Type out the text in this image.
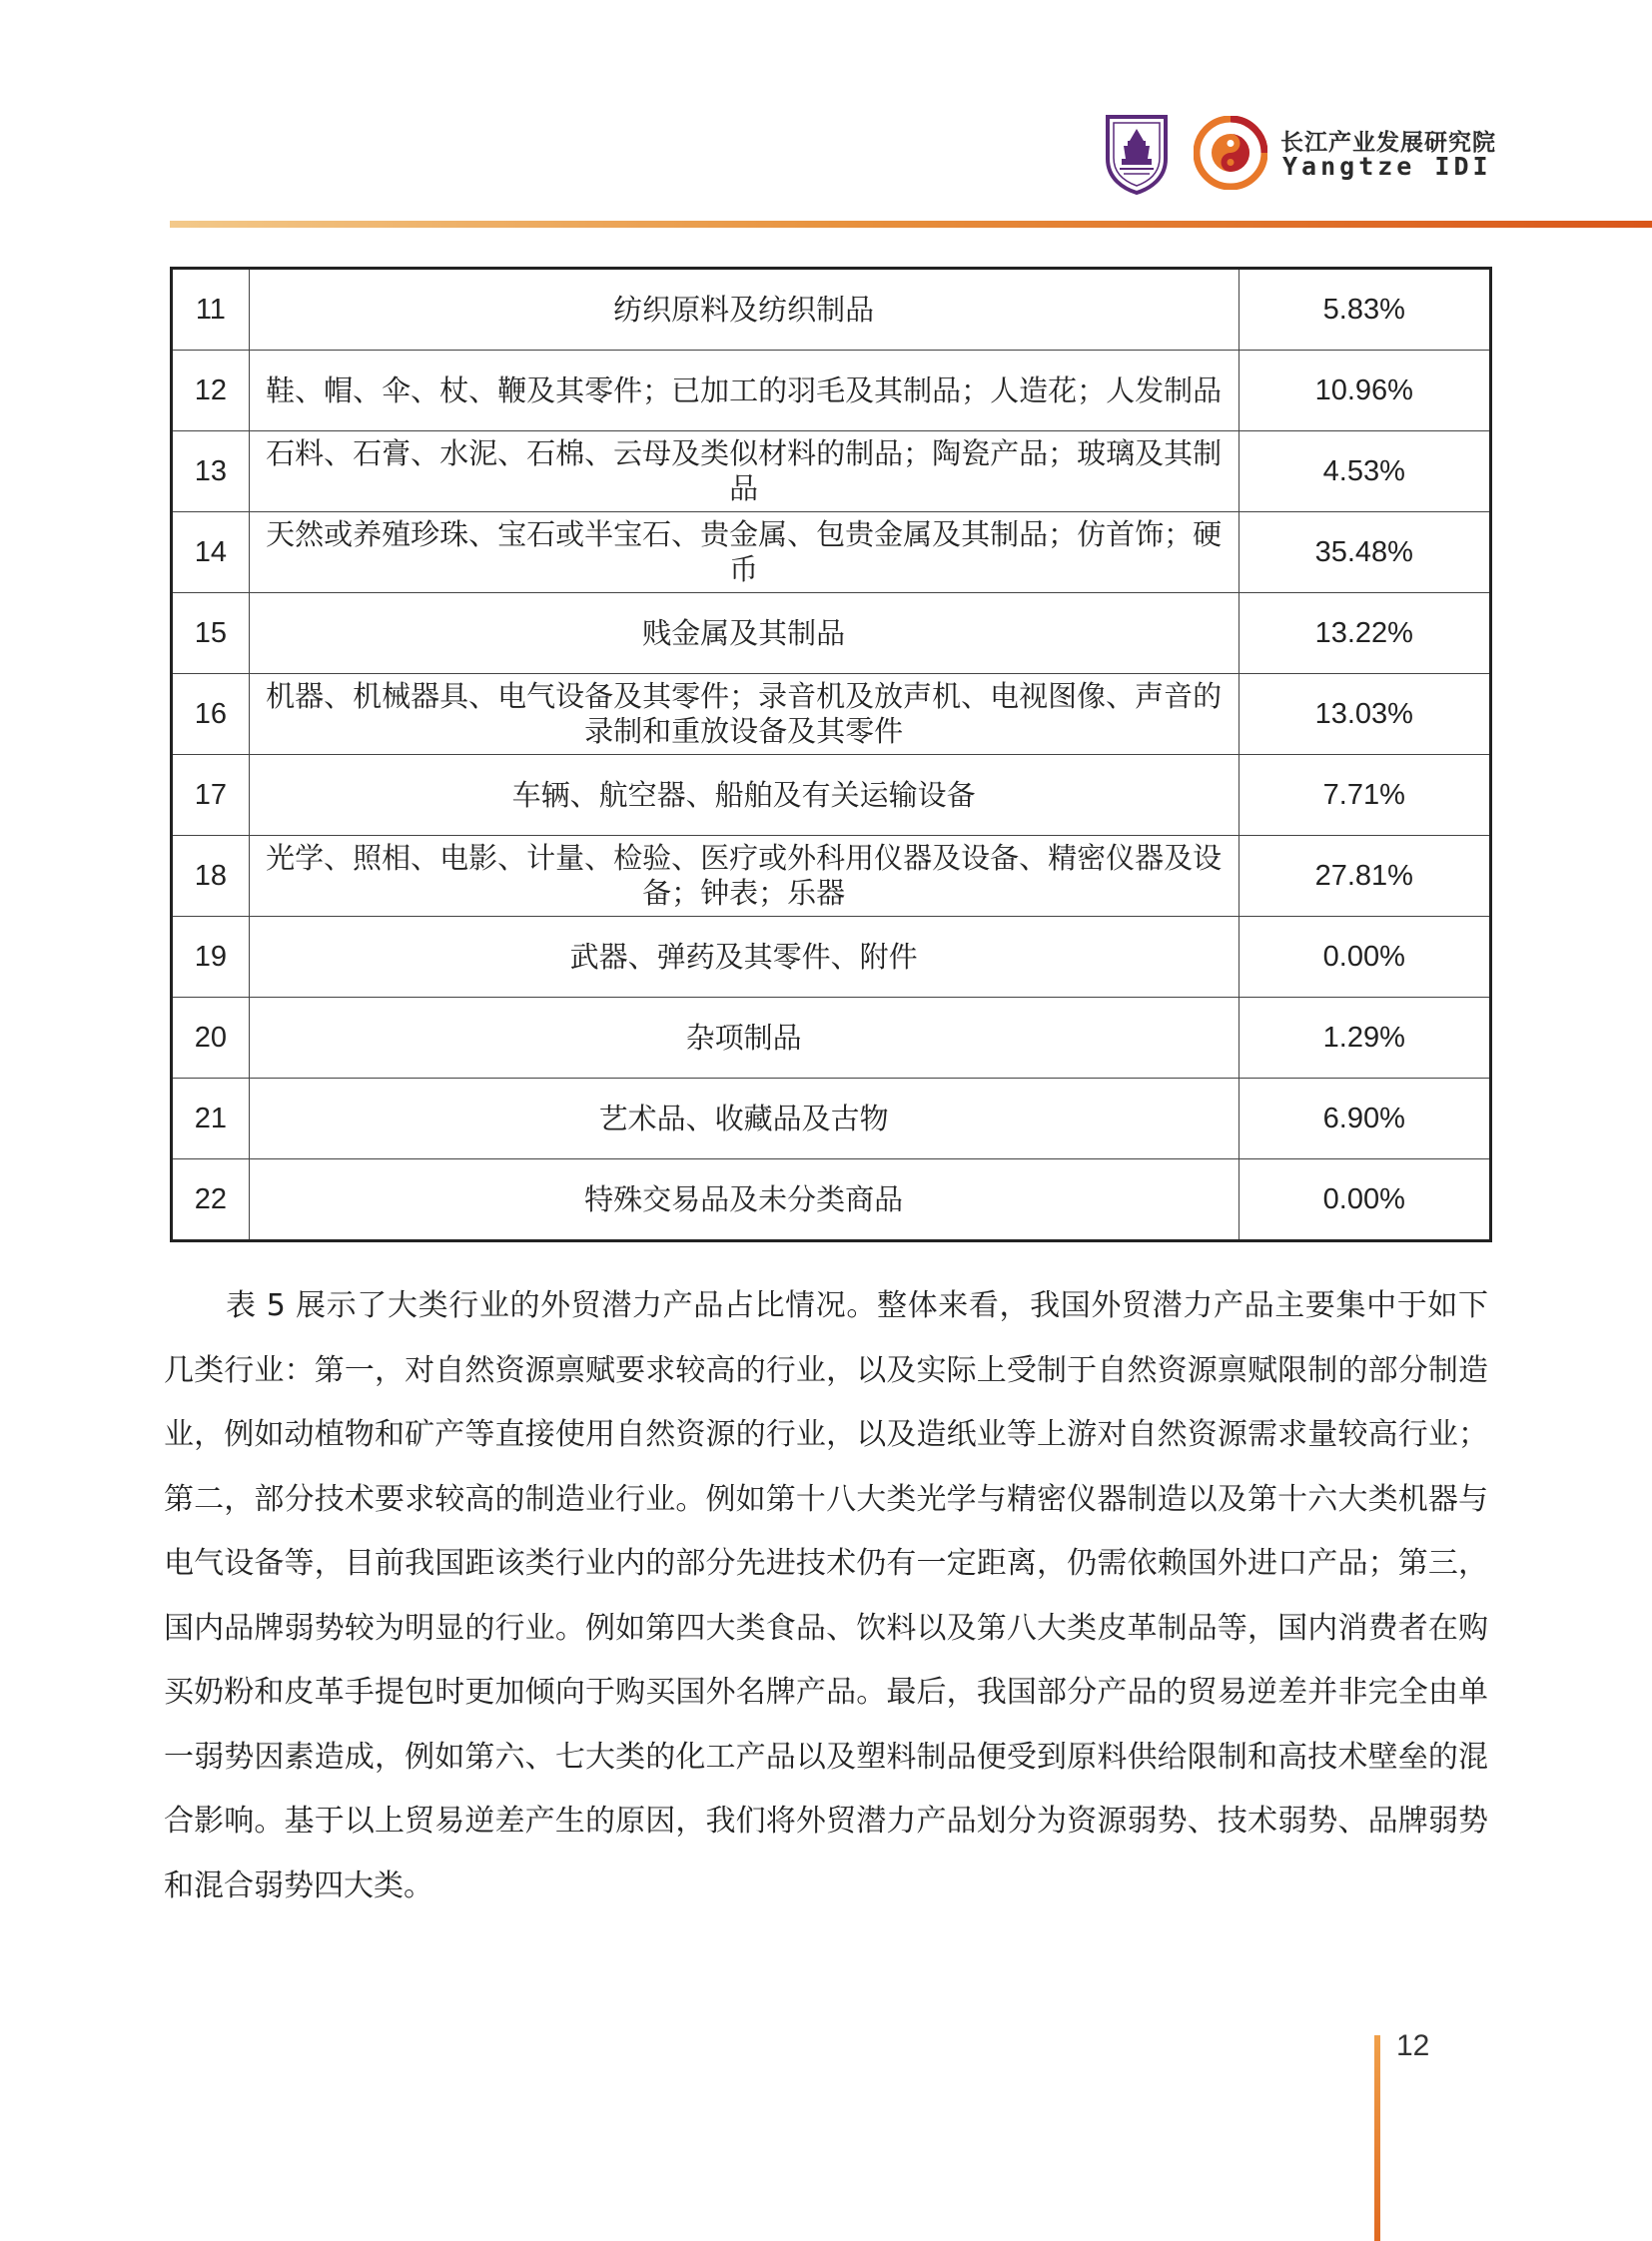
长江产业发展研究院
Yangtze IDI
11	纺织原料及纺织制品	5.83%
12	鞋、帽、伞、杖、鞭及其零件；已加工的羽毛及其制品；人造花；人发制品	10.96%
13	石料、石膏、水泥、石棉、云母及类似材料的制品；陶瓷产品；玻璃及其制品	4.53%
14	天然或养殖珍珠、宝石或半宝石、贵金属、包贵金属及其制品；仿首饰；硬币	35.48%
15	贱金属及其制品	13.22%
16	机器、机械器具、电气设备及其零件；录音机及放声机、电视图像、声音的录制和重放设备及其零件	13.03%
17	车辆、航空器、船舶及有关运输设备	7.71%
18	光学、照相、电影、计量、检验、医疗或外科用仪器及设备、精密仪器及设备；钟表；乐器	27.81%
19	武器、弹药及其零件、附件	0.00%
20	杂项制品	1.29%
21	艺术品、收藏品及古物	6.90%
22	特殊交易品及未分类商品	0.00%

表 5 展示了大类行业的外贸潜力产品占比情况。整体来看，我国外贸潜力产品主要集中于如下几类行业：第一，对自然资源禀赋要求较高的行业，以及实际上受制于自然资源禀赋限制的部分制造业，例如动植物和矿产等直接使用自然资源的行业，以及造纸业等上游对自然资源需求量较高行业；第二，部分技术要求较高的制造业行业。例如第十八大类光学与精密仪器制造以及第十六大类机器与电气设备等，目前我国距该类行业内的部分先进技术仍有一定距离，仍需依赖国外进口产品；第三，国内品牌弱势较为明显的行业。例如第四大类食品、饮料以及第八大类皮革制品等，国内消费者在购买奶粉和皮革手提包时更加倾向于购买国外名牌产品。最后，我国部分产品的贸易逆差并非完全由单一弱势因素造成，例如第六、七大类的化工产品以及塑料制品便受到原料供给限制和高技术壁垒的混合影响。基于以上贸易逆差产生的原因，我们将外贸潜力产品划分为资源弱势、技术弱势、品牌弱势和混合弱势四大类。

12
